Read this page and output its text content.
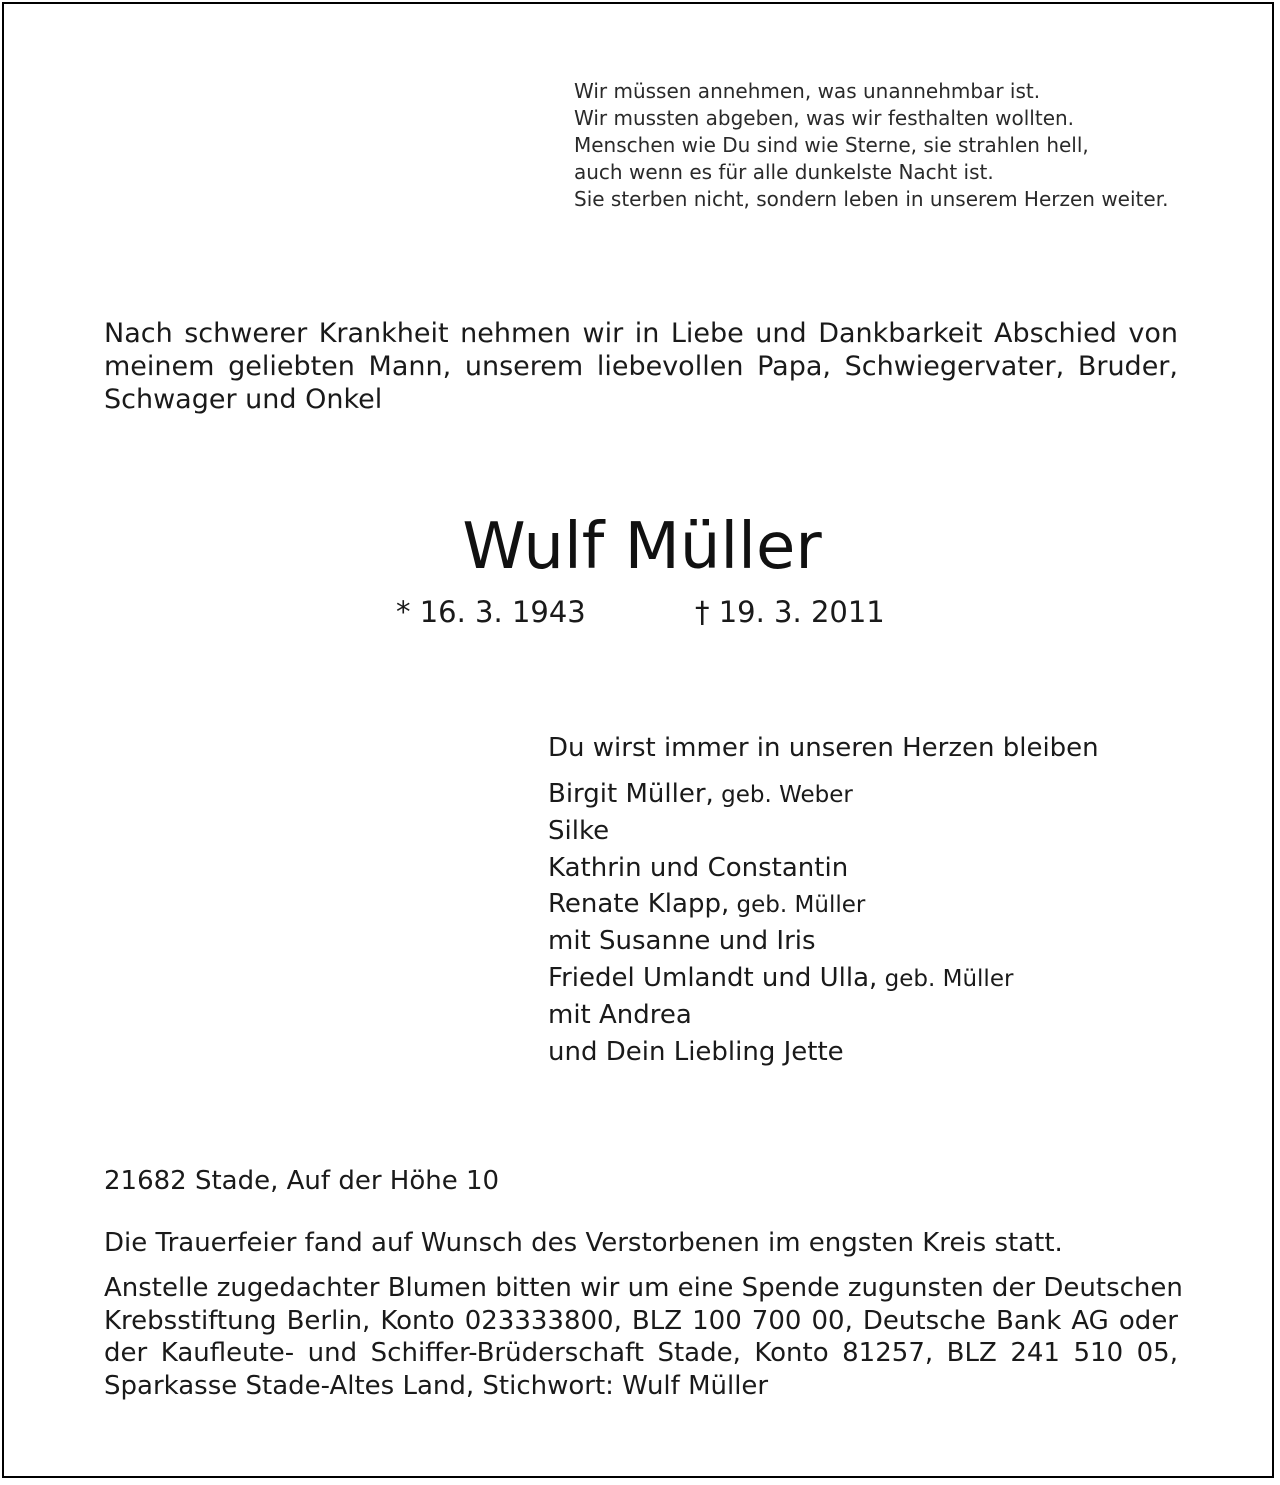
Wir müssen annehmen, was unannehmbar ist.
Wir mussten abgeben, was wir festhalten wollten.
Menschen wie Du sind wie Sterne, sie strahlen hell,
auch wenn es für alle dunkelste Nacht ist.
Sie sterben nicht, sondern leben in unserem Herzen weiter.
Nach schwerer Krankheit nehmen wir in Liebe und Dankbarkeit Abschied von
meinem geliebten Mann, unserem liebevollen Papa, Schwiegervater, Bruder,
Schwager und Onkel
Wulf Müller
* 16. 3. 1943	† 19. 3. 2011
Du wirst immer in unseren Herzen bleiben
Birgit Müller, geb. Weber
Silke
Kathrin und Constantin
Renate Klapp, geb. Müller
mit Susanne und Iris
Friedel Umlandt und Ulla, geb. Müller
mit Andrea
und Dein Liebling Jette
21682 Stade, Auf der Höhe 10
Die Trauerfeier fand auf Wunsch des Verstorbenen im engsten Kreis statt.
Anstelle zugedachter Blumen bitten wir um eine Spende zugunsten der Deutschen
Krebsstiftung Berlin, Konto 023333800, BLZ 100 700 00, Deutsche Bank AG oder
der Kaufleute- und Schiffer-Brüderschaft Stade, Konto 81257, BLZ 241 510 05,
Sparkasse Stade-Altes Land, Stichwort: Wulf Müller
